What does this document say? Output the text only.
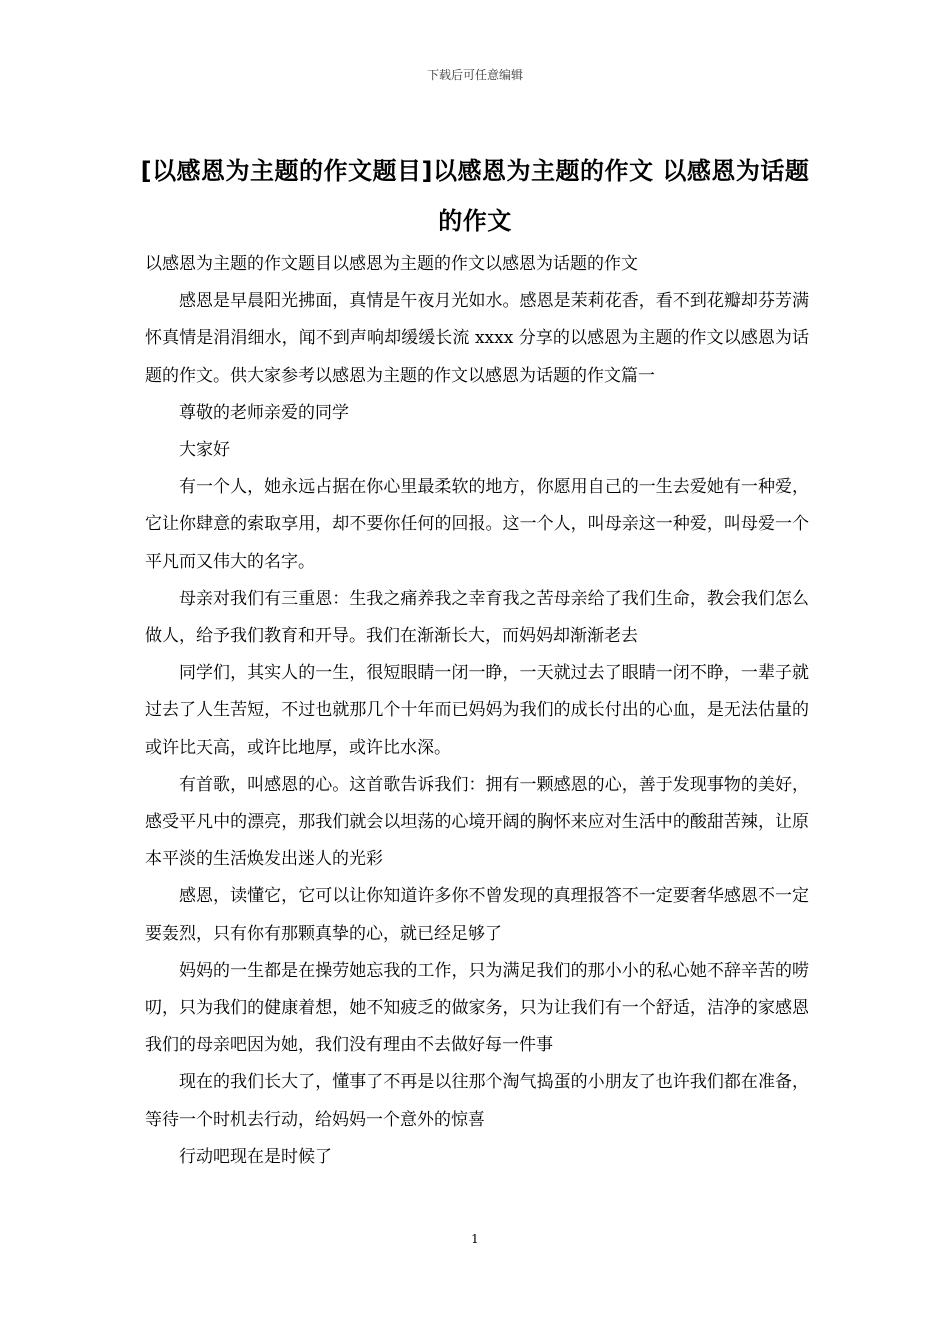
下载后可任意编辑
[以感恩为主题的作文题目]以感恩为主题的作文 以感恩为话题的作文

以感恩为主题的作文题目以感恩为主题的作文以感恩为话题的作文

感恩是早晨阳光拂面，真情是午夜月光如水。感恩是茉莉花香，看不到花瓣却芬芳满怀真情是涓涓细水，闻不到声响却缓缓长流 xxxx 分享的以感恩为主题的作文以感恩为话题的作文。供大家参考以感恩为主题的作文以感恩为话题的作文篇一

尊敬的老师亲爱的同学

大家好

有一个人，她永远占据在你心里最柔软的地方，你愿用自己的一生去爱她有一种爱，它让你肆意的索取享用，却不要你任何的回报。这一个人，叫母亲这一种爱，叫母爱一个平凡而又伟大的名字。

母亲对我们有三重恩：生我之痛养我之幸育我之苦母亲给了我们生命，教会我们怎么做人，给予我们教育和开导。我们在渐渐长大，而妈妈却渐渐老去

同学们，其实人的一生，很短眼睛一闭一睁，一天就过去了眼睛一闭不睁，一辈子就过去了人生苦短，不过也就那几个十年而已妈妈为我们的成长付出的心血，是无法估量的或许比天高，或许比地厚，或许比水深。

有首歌，叫感恩的心。这首歌告诉我们：拥有一颗感恩的心，善于发现事物的美好，感受平凡中的漂亮，那我们就会以坦荡的心境开阔的胸怀来应对生活中的酸甜苦辣，让原本平淡的生活焕发出迷人的光彩

感恩，读懂它，它可以让你知道许多你不曾发现的真理报答不一定要奢华感恩不一定要轰烈，只有你有那颗真挚的心，就已经足够了

妈妈的一生都是在操劳她忘我的工作，只为满足我们的那小小的私心她不辞辛苦的唠叨，只为我们的健康着想，她不知疲乏的做家务，只为让我们有一个舒适，洁净的家感恩我们的母亲吧因为她，我们没有理由不去做好每一件事

现在的我们长大了，懂事了不再是以往那个淘气捣蛋的小朋友了也许我们都在准备，等待一个时机去行动，给妈妈一个意外的惊喜

行动吧现在是时候了

1
